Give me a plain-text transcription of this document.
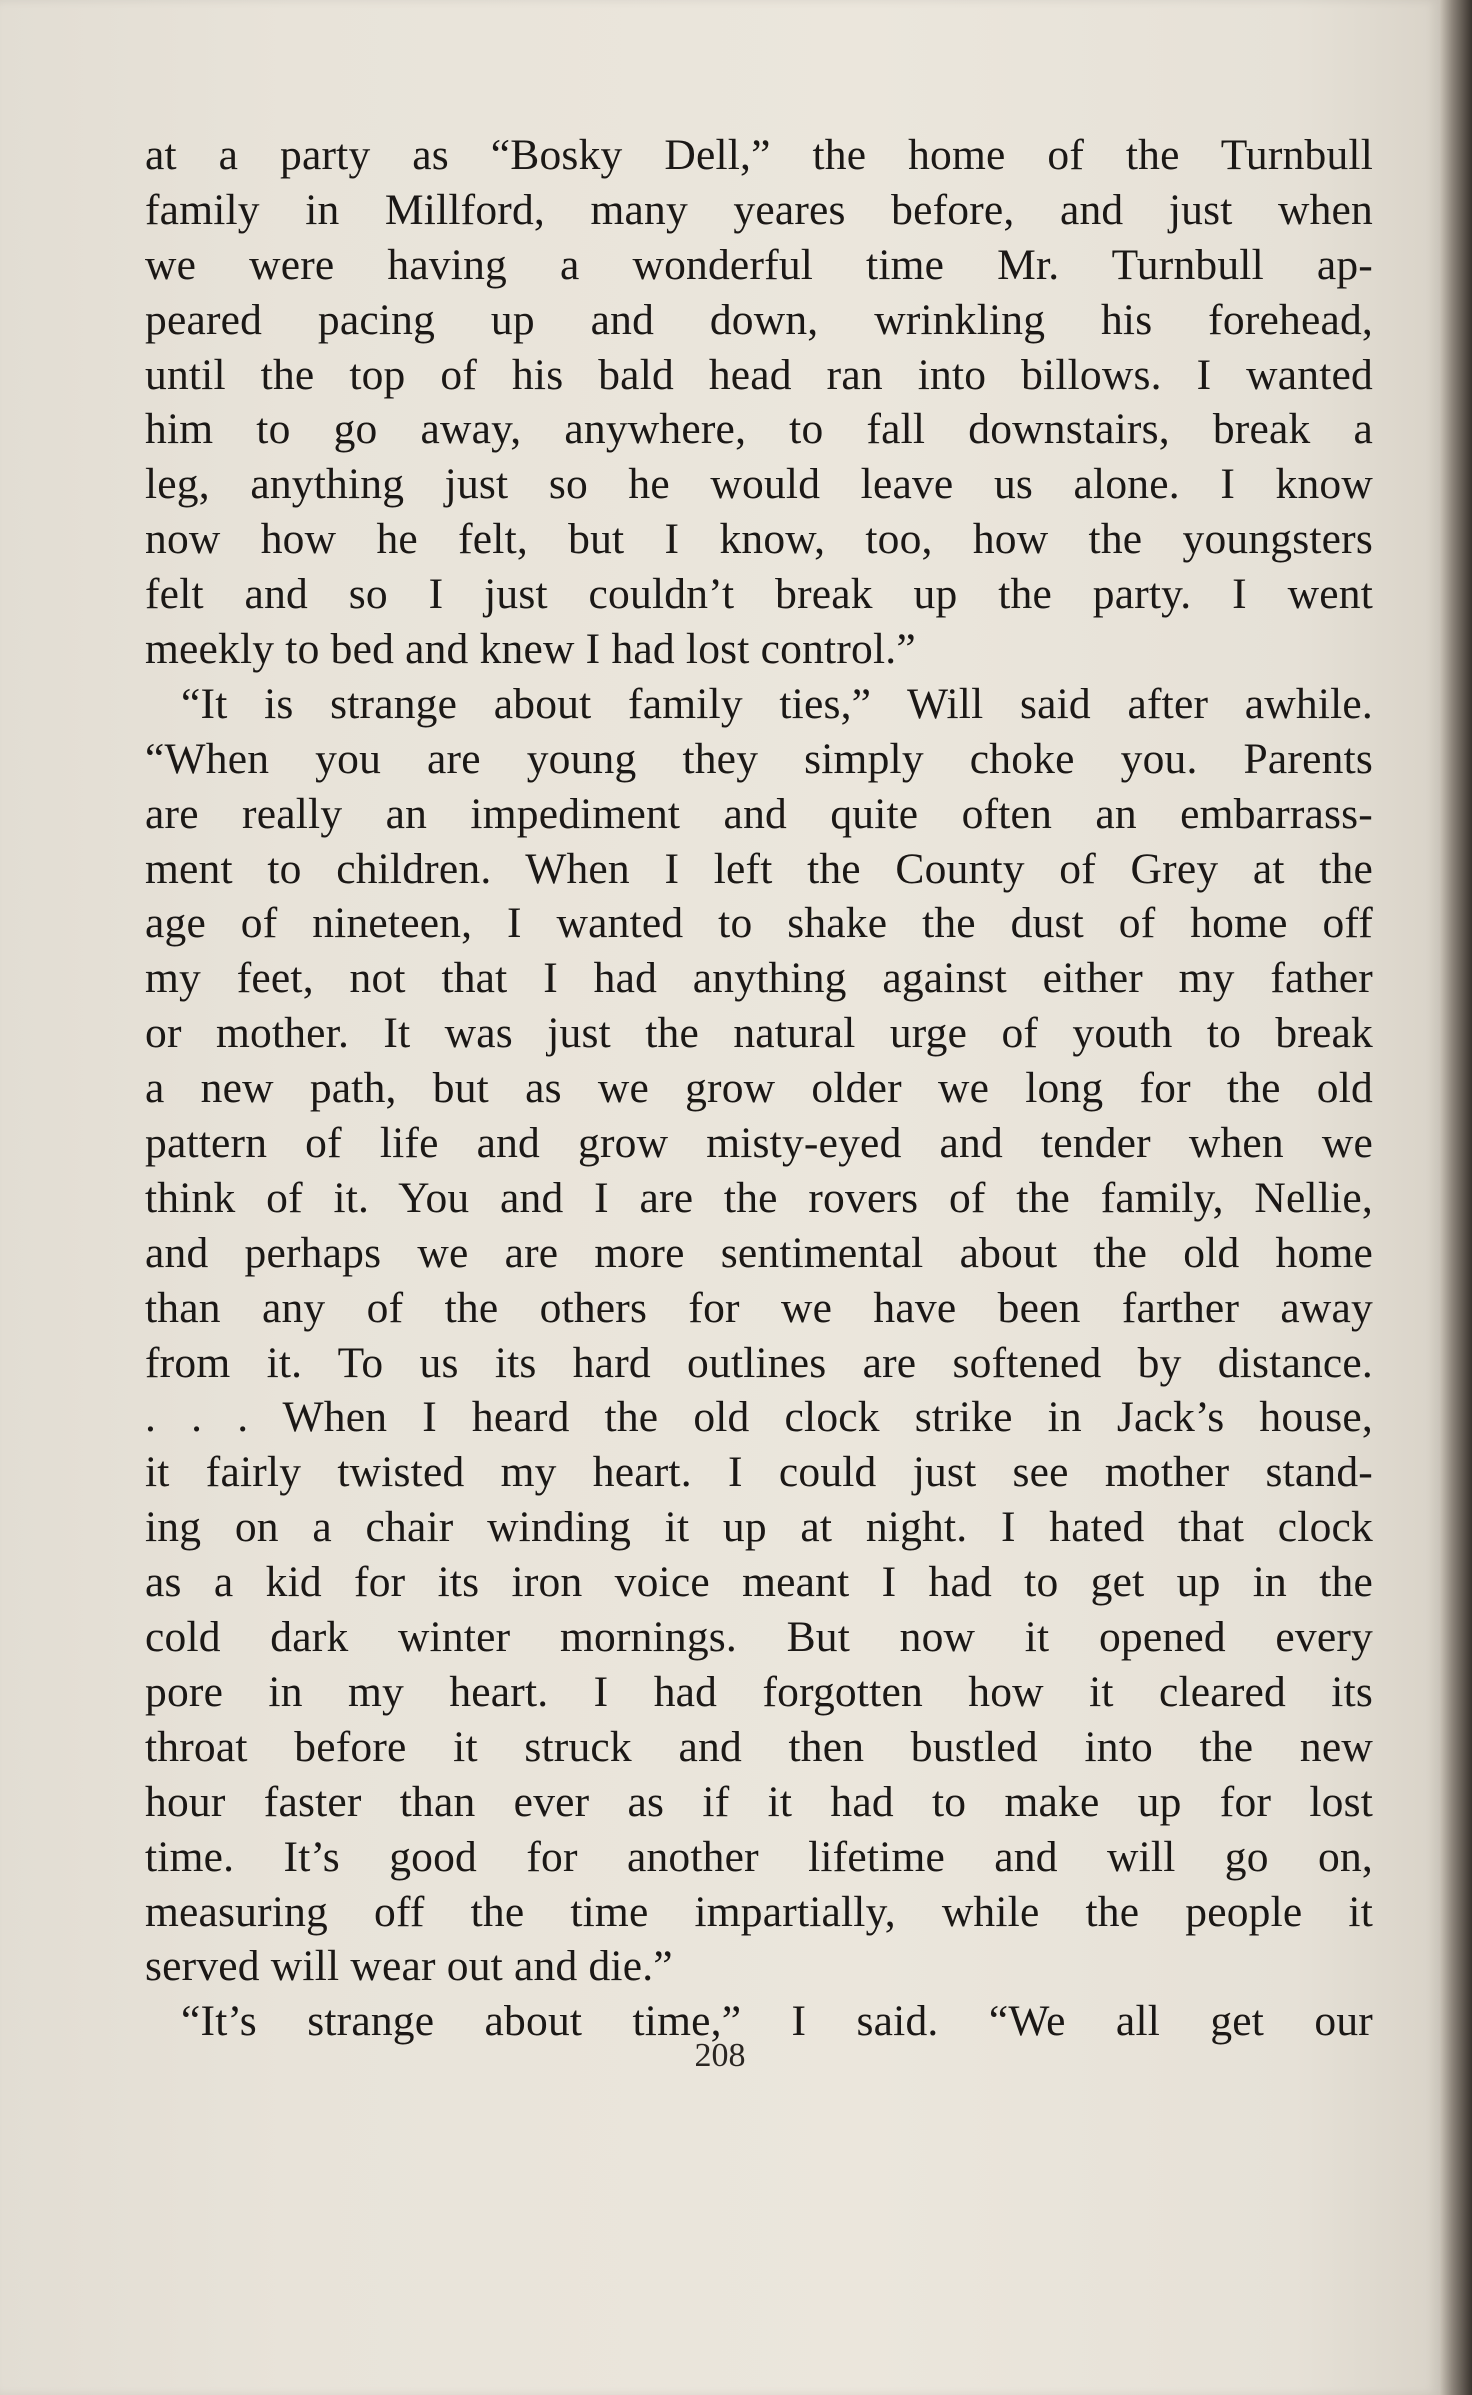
at a party as “Bosky Dell,” the home of the Turnbull
family in Millford, many yeares before, and just when
we were having a wonderful time Mr. Turnbull ap-
peared pacing up and down, wrinkling his forehead,
until the top of his bald head ran into billows. I wanted
him to go away, anywhere, to fall downstairs, break a
leg, anything just so he would leave us alone. I know
now how he felt, but I know, too, how the youngsters
felt and so I just couldn’t break up the party. I went
meekly to bed and knew I had lost control.”
“It is strange about family ties,” Will said after awhile.
“When you are young they simply choke you. Parents
are really an impediment and quite often an embarrass-
ment to children. When I left the County of Grey at the
age of nineteen, I wanted to shake the dust of home off
my feet, not that I had anything against either my father
or mother. It was just the natural urge of youth to break
a new path, but as we grow older we long for the old
pattern of life and grow misty-eyed and tender when we
think of it. You and I are the rovers of the family, Nellie,
and perhaps we are more sentimental about the old home
than any of the others for we have been farther away
from it. To us its hard outlines are softened by distance.
. . . When I heard the old clock strike in Jack’s house,
it fairly twisted my heart. I could just see mother stand-
ing on a chair winding it up at night. I hated that clock
as a kid for its iron voice meant I had to get up in the
cold dark winter mornings. But now it opened every
pore in my heart. I had forgotten how it cleared its
throat before it struck and then bustled into the new
hour faster than ever as if it had to make up for lost
time. It’s good for another lifetime and will go on,
measuring off the time impartially, while the people it
served will wear out and die.”
“It’s strange about time,” I said. “We all get our
208
